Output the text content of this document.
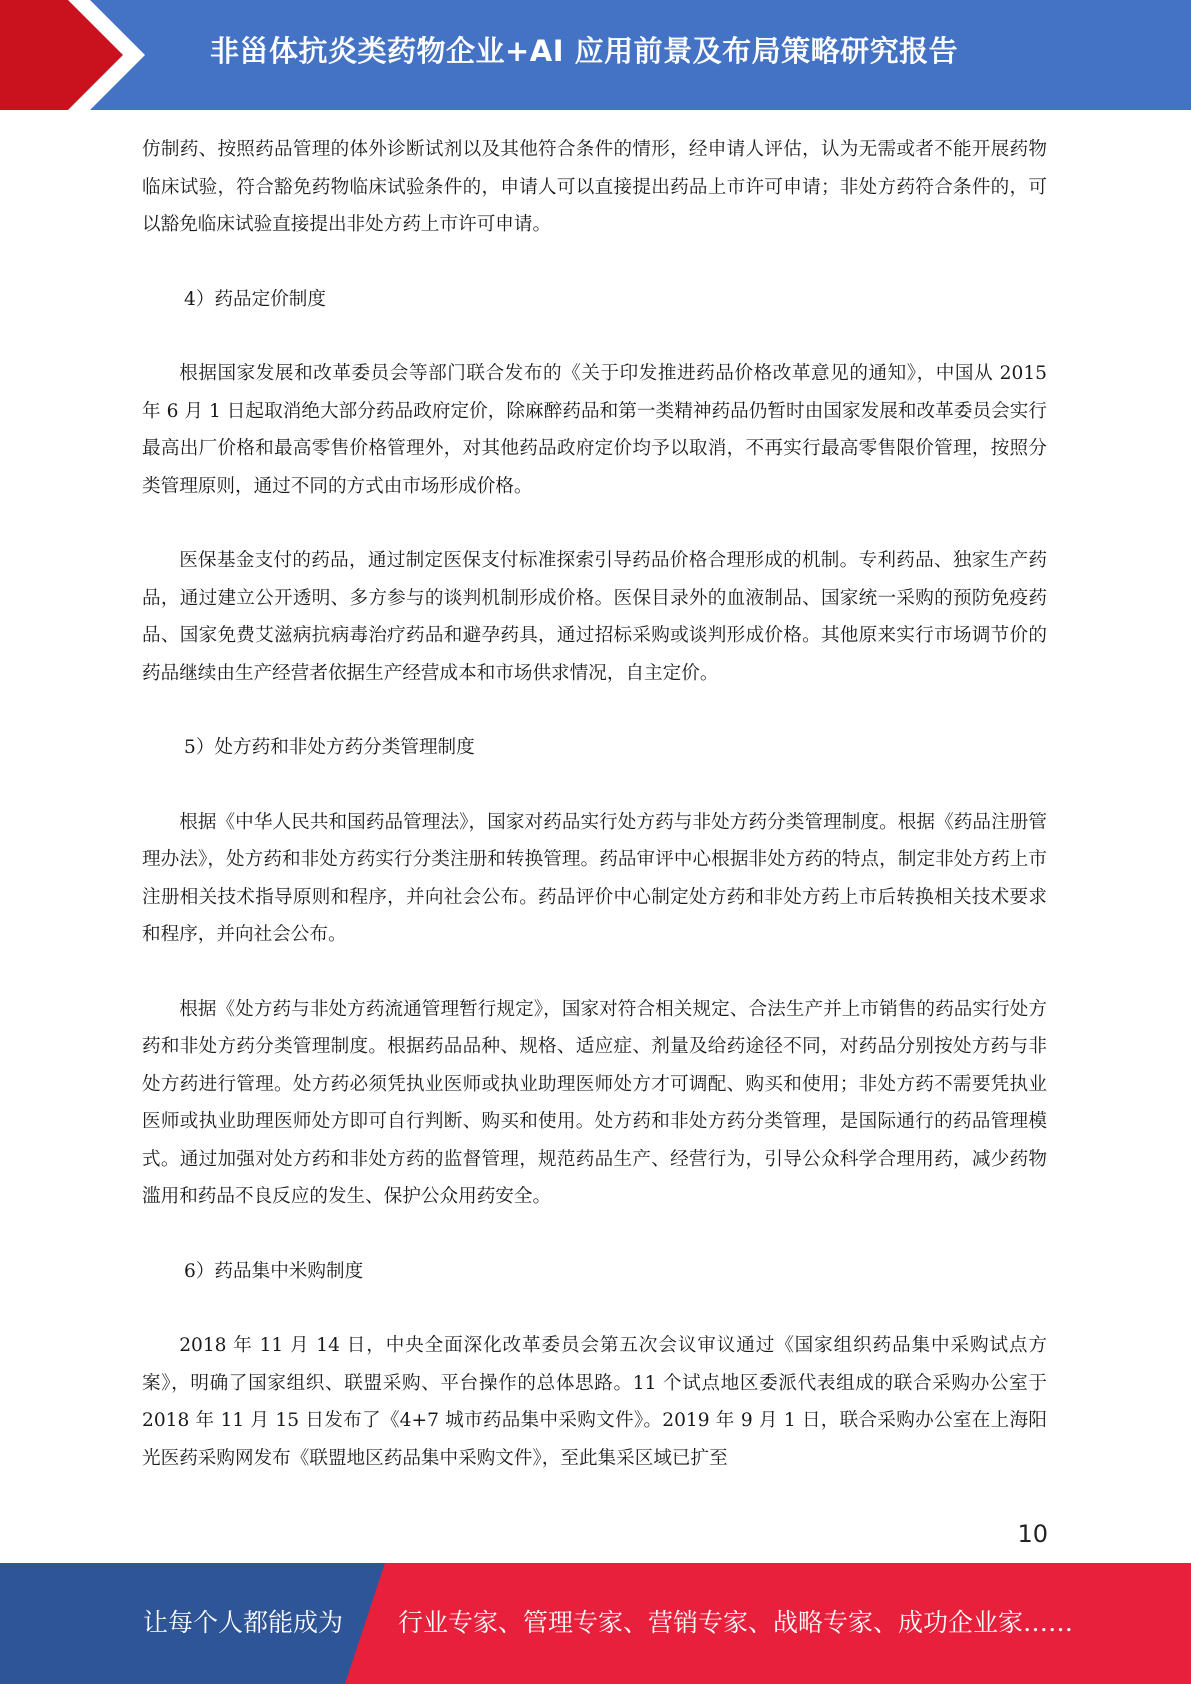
非甾体抗炎类药物企业+AI 应用前景及布局策略研究报告

仿制药、按照药品管理的体外诊断试剂以及其他符合条件的情形，经申请人评估，认为无需或者不能开展药物临床试验，符合豁免药物临床试验条件的，申请人可以直接提出药品上市许可申请；非处方药符合条件的，可以豁免临床试验直接提出非处方药上市许可申请。

4）药品定价制度

根据国家发展和改革委员会等部门联合发布的《关于印发推进药品价格改革意见的通知》，中国从 2015 年 6 月 1 日起取消绝大部分药品政府定价，除麻醉药品和第一类精神药品仍暂时由国家发展和改革委员会实行最高出厂价格和最高零售价格管理外，对其他药品政府定价均予以取消，不再实行最高零售限价管理，按照分类管理原则，通过不同的方式由市场形成价格。

医保基金支付的药品，通过制定医保支付标准探索引导药品价格合理形成的机制。专利药品、独家生产药品，通过建立公开透明、多方参与的谈判机制形成价格。医保目录外的血液制品、国家统一采购的预防免疫药品、国家免费艾滋病抗病毒治疗药品和避孕药具，通过招标采购或谈判形成价格。其他原来实行市场调节价的药品继续由生产经营者依据生产经营成本和市场供求情况，自主定价。

5）处方药和非处方药分类管理制度

根据《中华人民共和国药品管理法》，国家对药品实行处方药与非处方药分类管理制度。根据《药品注册管理办法》，处方药和非处方药实行分类注册和转换管理。药品审评中心根据非处方药的特点，制定非处方药上市注册相关技术指导原则和程序，并向社会公布。药品评价中心制定处方药和非处方药上市后转换相关技术要求和程序，并向社会公布。

根据《处方药与非处方药流通管理暂行规定》，国家对符合相关规定、合法生产并上市销售的药品实行处方药和非处方药分类管理制度。根据药品品种、规格、适应症、剂量及给药途径不同，对药品分别按处方药与非处方药进行管理。处方药必须凭执业医师或执业助理医师处方才可调配、购买和使用；非处方药不需要凭执业医师或执业助理医师处方即可自行判断、购买和使用。处方药和非处方药分类管理，是国际通行的药品管理模式。通过加强对处方药和非处方药的监督管理，规范药品生产、经营行为，引导公众科学合理用药，减少药物滥用和药品不良反应的发生、保护公众用药安全。

6）药品集中米购制度

2018 年 11 月 14 日，中央全面深化改革委员会第五次会议审议通过《国家组织药品集中采购试点方案》，明确了国家组织、联盟采购、平台操作的总体思路。11 个试点地区委派代表组成的联合采购办公室于 2018 年 11 月 15 日发布了《4+7 城市药品集中采购文件》。2019 年 9 月 1 日，联合采购办公室在上海阳光医药采购网发布《联盟地区药品集中采购文件》，至此集采区域已扩至

10
让每个人都能成为 行业专家、管理专家、营销专家、战略专家、成功企业家……
